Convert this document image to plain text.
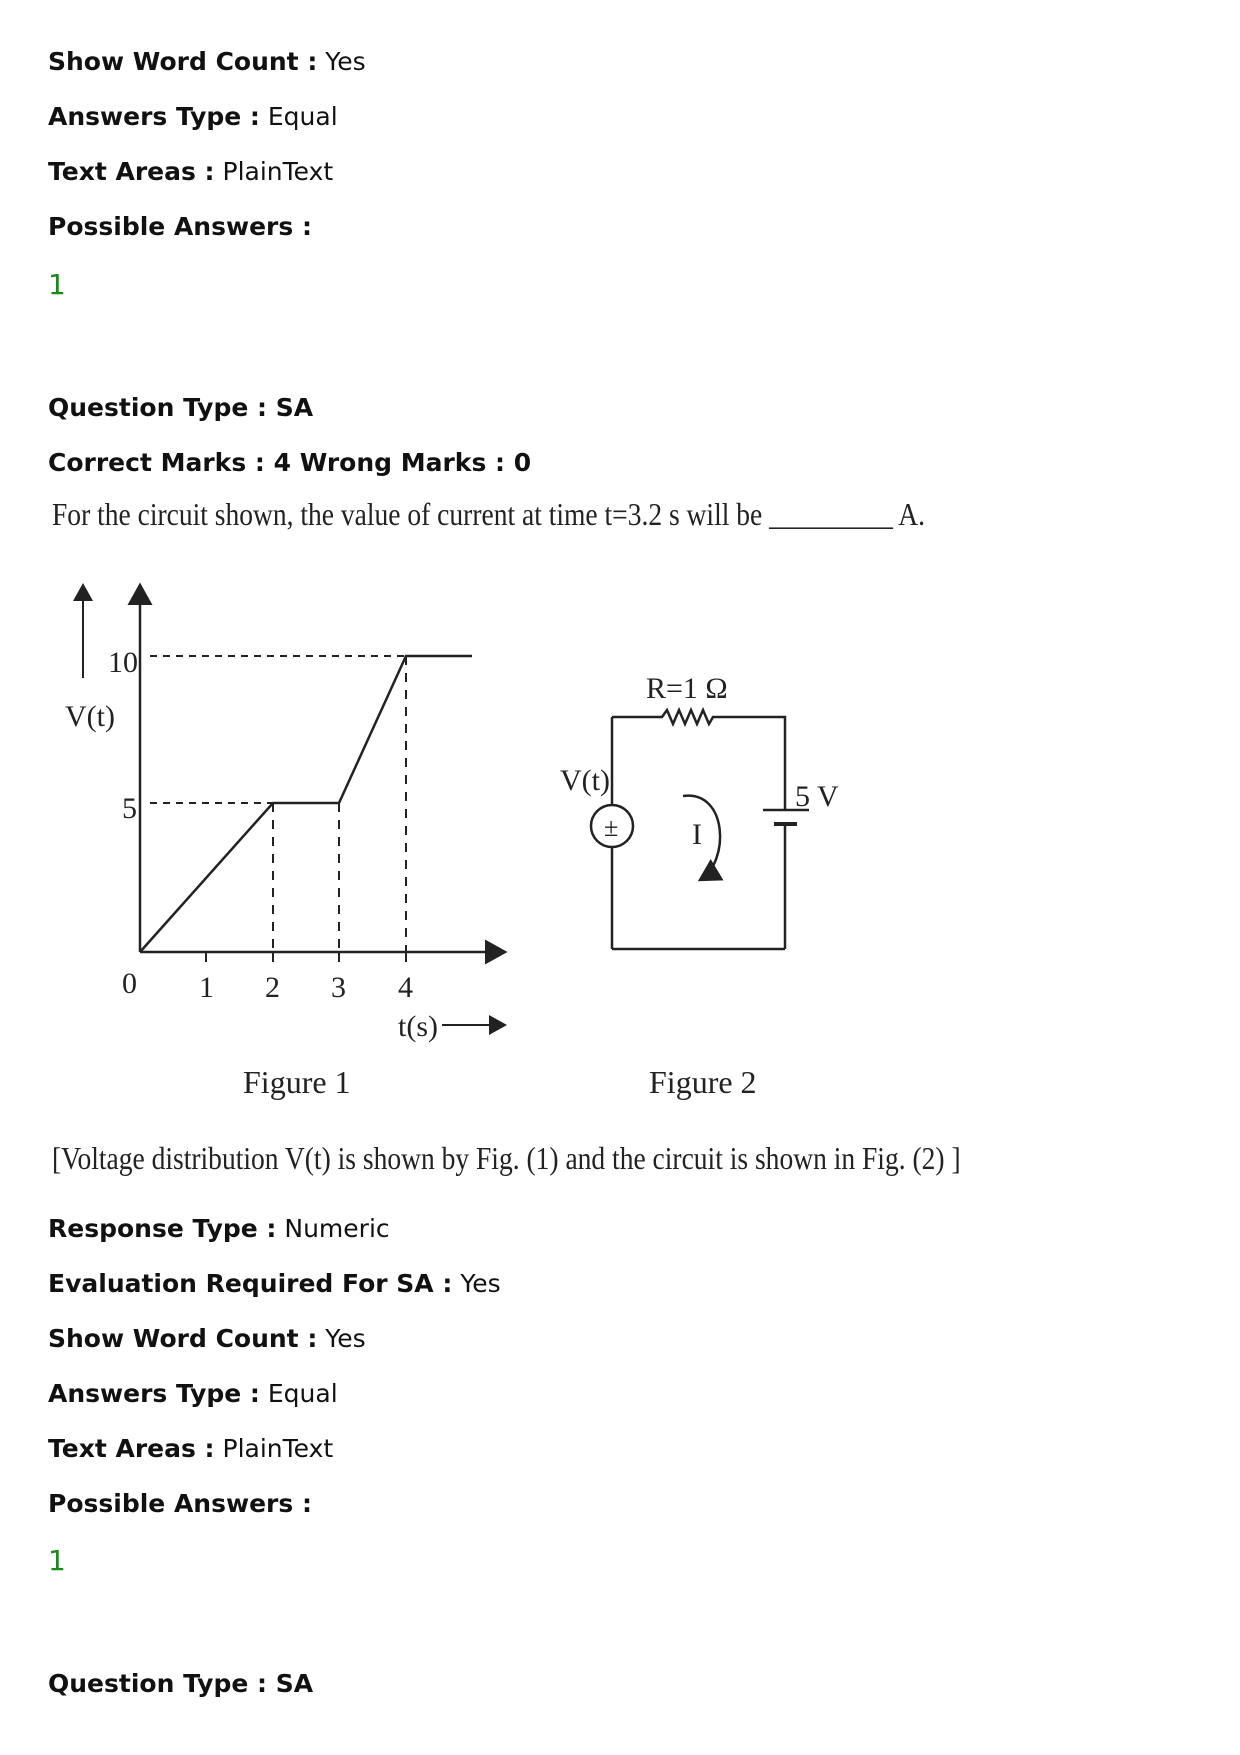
Show Word Count : Yes
Answers Type : Equal
Text Areas : PlainText
Possible Answers :
1
Question Type : SA
Correct Marks : 4 Wrong Marks : 0
For the circuit shown, the value of current at time t=3.2 s will be _________ A.
V(t)
10
5
0 1 2 3 4
t(s)
Figure 1
R=1 Ω
±
V(t)	5 V
I
Figure 2
[Voltage distribution V(t) is shown by Fig. (1) and the circuit is shown in Fig. (2) ]
Response Type : Numeric
Evaluation Required For SA : Yes
Show Word Count : Yes
Answers Type : Equal
Text Areas : PlainText
Possible Answers :
1
Question Type : SA
